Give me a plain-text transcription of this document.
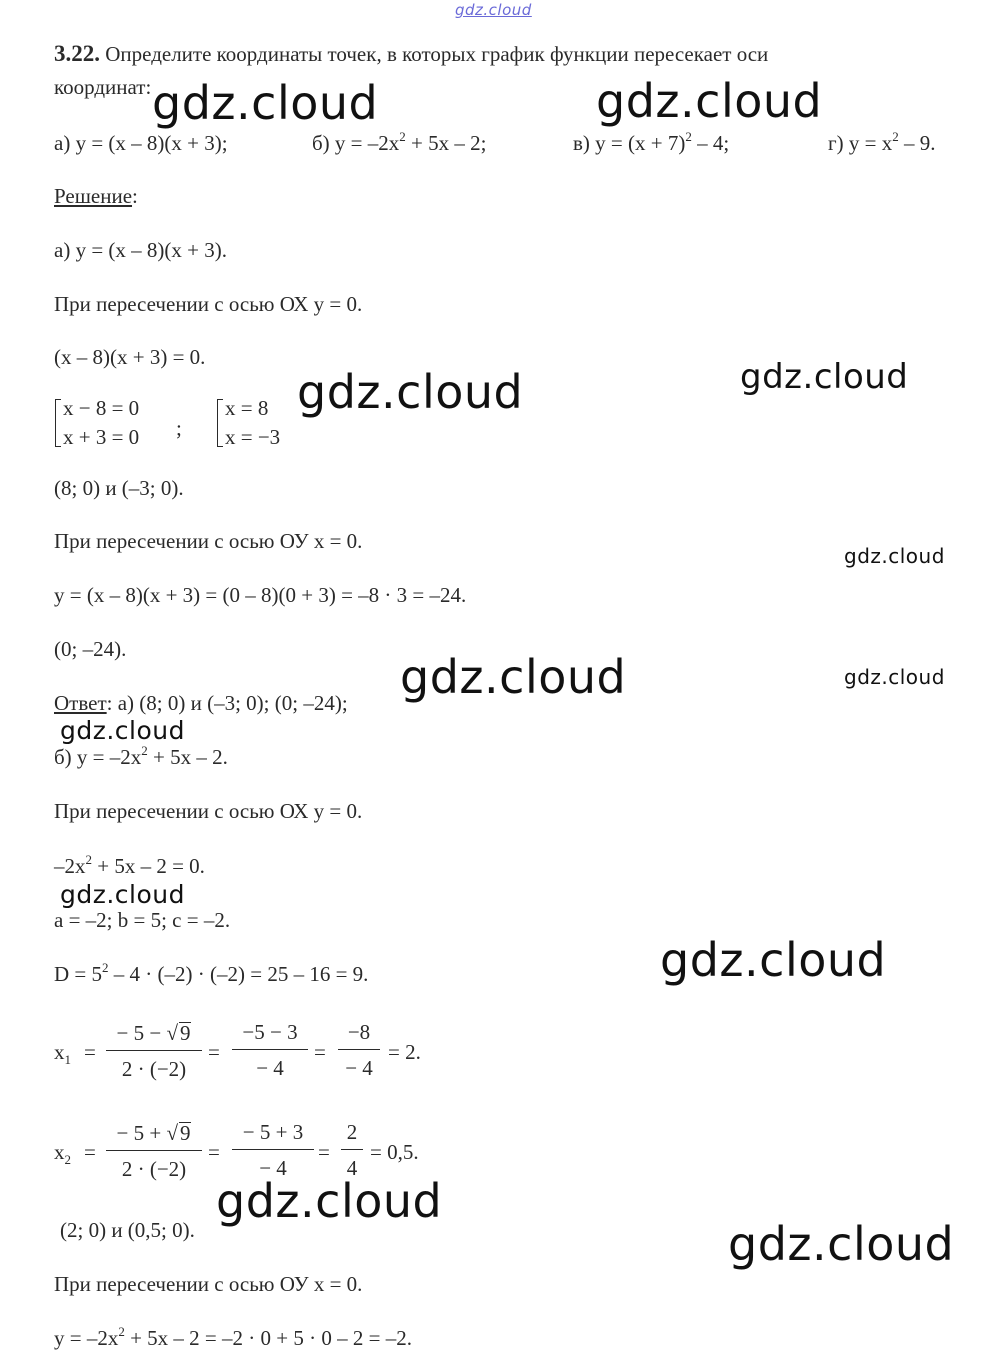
gdz.cloud
3.22. Определите координаты точек, в которых график функции пересекает оси
координат:
а) y = (x – 8)(x + 3);	б) $y = -2x^2 + 5x - 2$;	в) $y = (x + 7)^2 - 4$;	г) $y = x^2 - 9$.
Решение:
а) y = (x – 8)(x + 3).
При пересечении с осью ОХ y = 0.
(x – 8)(x + 3) = 0.
x − 8 = 0
x + 3 = 0 ;
x = 8
x = −3
(8; 0) и (–3; 0).
При пересечении с осью ОУ x = 0.
y = (x – 8)(x + 3) = (0 – 8)(0 + 3) = –8 · 3 = –24.
(0; –24).
Ответ: а) (8; 0) и (–3; 0); (0; –24);
б) $y = -2x^2 + 5x - 2$.
При пересечении с осью ОХ y = 0.
$-2x^2 + 5x - 2 = 0$.
a = –2; b = 5; c = –2.
$D = 5^2 - 4 \cdot (-2) \cdot (-2) = 25 - 16 = 9$.
$x_1 = \frac{- 5 - √9}{2 \cdot (-2)} = \frac{-5 - 3}{- 4} = \frac{-8}{- 4} = 2$.
$x_2 = \frac{- 5 + √9}{2 \cdot (-2)} = \frac{- 5 + 3}{- 4} = \frac{2}{4} = 0,5$.
(2; 0) и (0,5; 0).
При пересечении с осью ОУ x = 0.
$y = -2x^2 + 5x - 2 = -2 \cdot 0 + 5 \cdot 0 - 2 = -2$.
gdz.cloud	gdz.cloud
gdz.cloud	gdz.cloud
gdz.cloud
gdz.cloud	gdz.cloud
gdz.cloud
gdz.cloud
gdz.cloud
gdz.cloud
gdz.cloud
